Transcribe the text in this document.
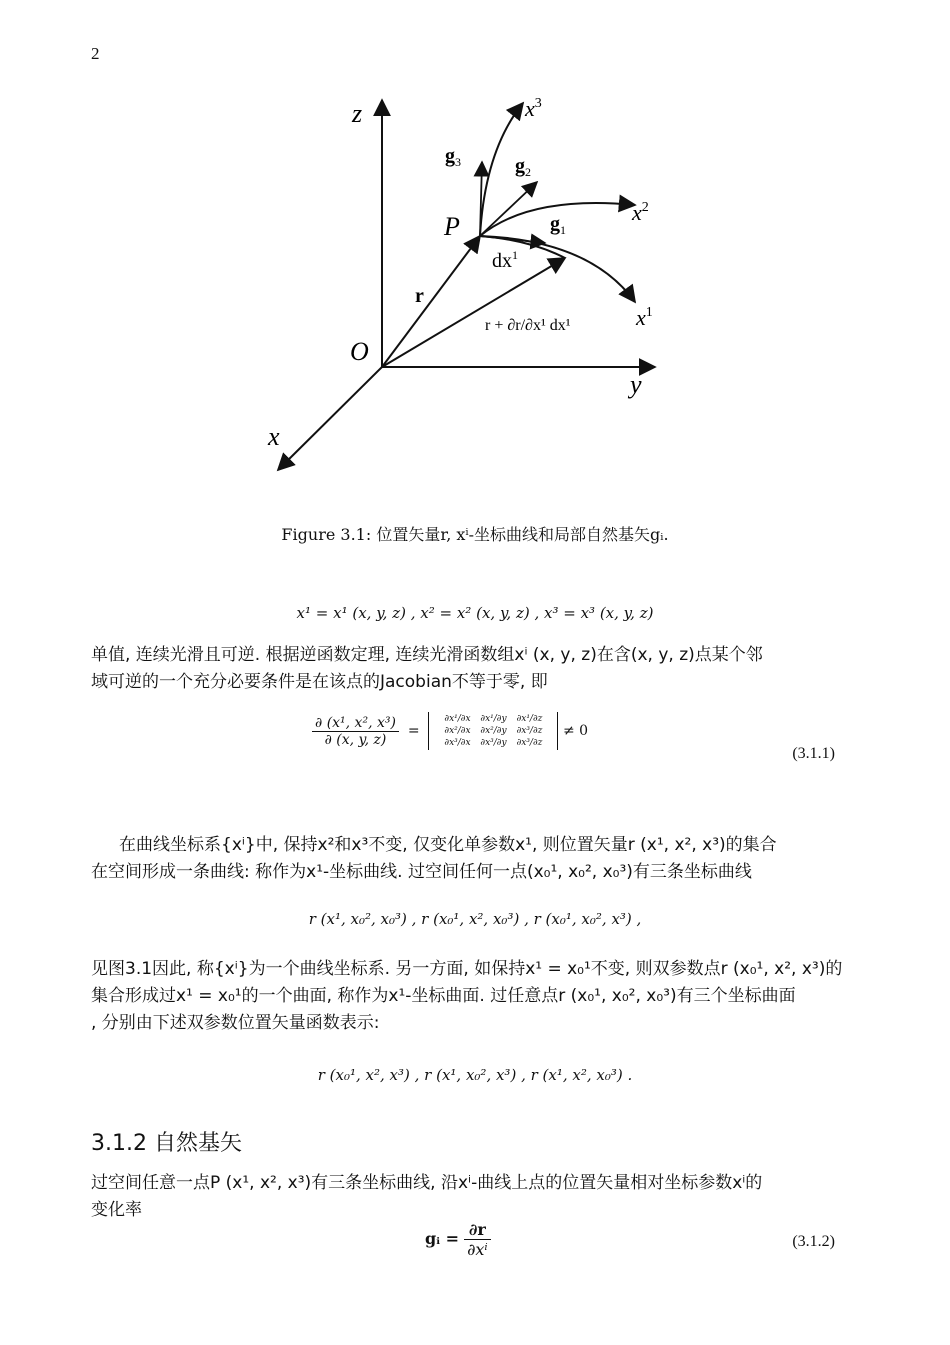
2
z
y
x
O
P
r
$x^3$
$x^2$
$x^1$
$g_3$	$g_2$
$g_1$
$dx^1$
r + ∂r/∂x¹ dx¹
Figure 3.1: 位置矢量r, xⁱ-坐标曲线和局部自然基矢gᵢ.
x¹ = x¹ (x, y, z) , x² = x² (x, y, z) , x³ = x³ (x, y, z)
单值, 连续光滑且可逆. 根据逆函数定理, 连续光滑函数组xⁱ (x, y, z)在含(x, y, z)点某个邻
域可逆的一个充分必要条件是在该点的Jacobian不等于零, 即
$\frac{\text{∂ (x¹, x², x³)}}{\partial (x, y, z)}$ =
∂x¹/∂x	∂x¹/∂y	∂x¹/∂z
∂x²/∂x	∂x²/∂y	∂x³/∂z
∂x³/∂x	∂x³/∂y	∂x³/∂z
≠ 0
(3.1.1)
在曲线坐标系{xⁱ}中, 保持x²和x³不变, 仅变化单参数x¹, 则位置矢量r (x¹, x², x³)的集合
在空间形成一条曲线: 称作为x¹-坐标曲线. 过空间任何一点(x₀¹, x₀², x₀³)有三条坐标曲线
r (x¹, x₀², x₀³) , r (x₀¹, x², x₀³) , r (x₀¹, x₀², x³) ,
见图3.1因此, 称{xⁱ}为一个曲线坐标系. 另一方面, 如保持x¹ = x₀¹不变, 则双参数点r (x₀¹, x², x³)的
集合形成过x¹ = x₀¹的一个曲面, 称作为x¹-坐标曲面. 过任意点r (x₀¹, x₀², x₀³)有三个坐标曲面
, 分别由下述双参数位置矢量函数表示:
r (x₀¹, x², x³) , r (x¹, x₀², x³) , r (x¹, x², x₀³) .
3.1.2 自然基矢
过空间任意一点P (x¹, x², x³)有三条坐标曲线, 沿xⁱ-曲线上点的位置矢量相对坐标参数xⁱ的
变化率
gᵢ = $\frac{\partial r}{\text{∂xⁱ}}$	(3.1.2)
